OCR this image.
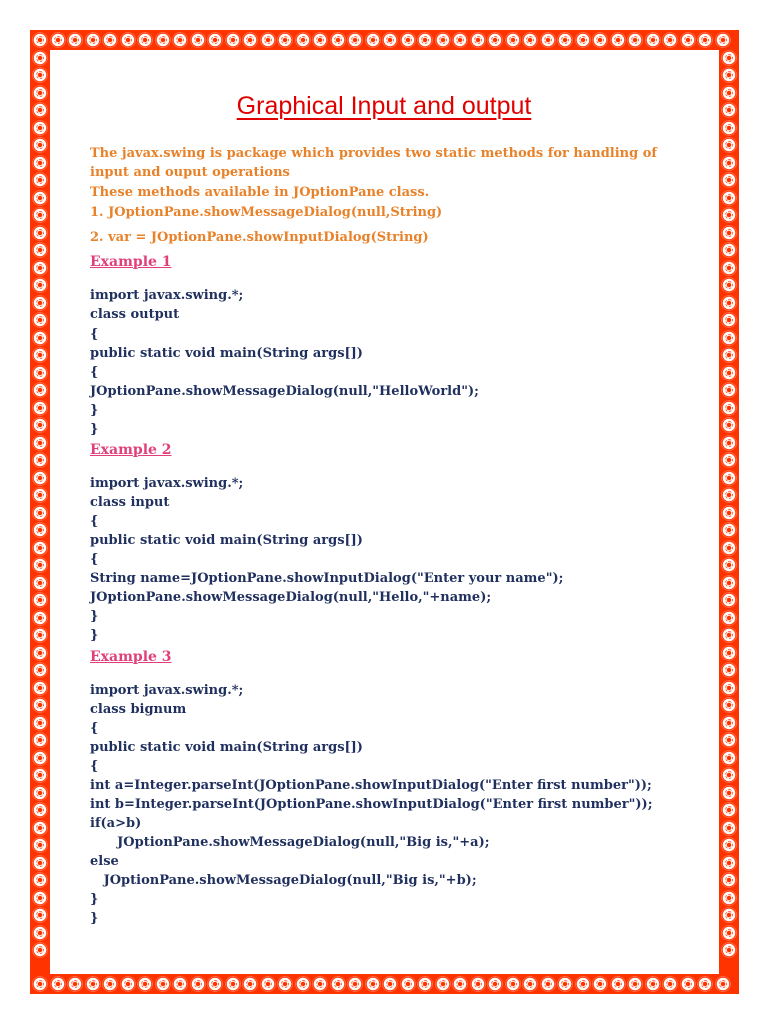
Graphical Input and output
The javax.swing is package which provides two static methods for handling of
input and ouput operations
These methods available in JOptionPane class.
1. JOptionPane.showMessageDialog(null,String)
2. var = JOptionPane.showInputDialog(String)
Example 1
import javax.swing.*;
class output
{
public static void main(String args[])
{
JOptionPane.showMessageDialog(null,"HelloWorld");
}
}
Example 2
import javax.swing.*;
class input
{
public static void main(String args[])
{
String name=JOptionPane.showInputDialog("Enter your name");
JOptionPane.showMessageDialog(null,"Hello,"+name);
}
}
Example 3
import javax.swing.*;
class bignum
{
public static void main(String args[])
{
int a=Integer.parseInt(JOptionPane.showInputDialog("Enter first number"));
int b=Integer.parseInt(JOptionPane.showInputDialog("Enter first number"));
if(a>b)
JOptionPane.showMessageDialog(null,"Big is,"+a);
else
JOptionPane.showMessageDialog(null,"Big is,"+b);
}
}
